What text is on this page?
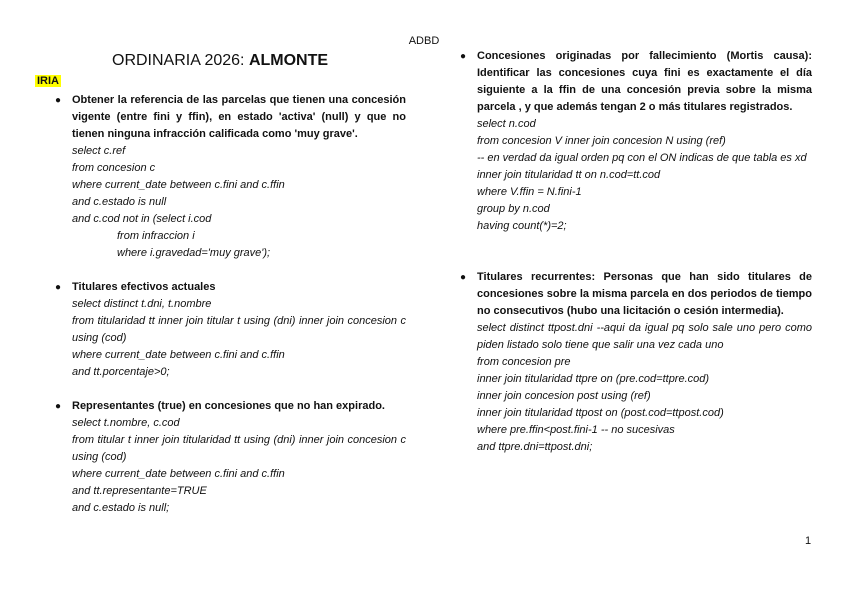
ADBD
ORDINARIA 2026: ALMONTE
IRIA
● Obtener la referencia de las parcelas que tienen una concesión vigente (entre fini y ffin), en estado 'activa' (null) y que no tienen ninguna infracción calificada como 'muy grave'.
select c.ref
from concesion c
where current_date between c.fini and c.ffin
and c.estado is null
and c.cod not in (select i.cod
from infraccion i
where i.gravedad='muy grave');
● Titulares efectivos actuales
select distinct t.dni, t.nombre
from titularidad tt inner join titular t using (dni) inner join concesion c using (cod)
where current_date between c.fini and c.ffin
and tt.porcentaje>0;
● Representantes (true) en concesiones que no han expirado.
select t.nombre, c.cod
from titular t inner join titularidad tt using (dni) inner join concesion c using (cod)
where current_date between c.fini and c.ffin
and tt.representante=TRUE
and c.estado is null;
● Concesiones originadas por fallecimiento (Mortis causa): Identificar las concesiones cuya fini es exactamente el día siguiente a la ffin de una concesión previa sobre la misma parcela , y que además tengan 2 o más titulares registrados.
select n.cod
from concesion V inner join concesion N using (ref)
-- en verdad da igual orden pq con el ON indicas de que tabla es xd
inner join titularidad tt on n.cod=tt.cod
where V.ffin = N.fini-1
group by n.cod
having count(*)=2;
● Titulares recurrentes: Personas que han sido titulares de concesiones sobre la misma parcela en dos periodos de tiempo no consecutivos (hubo una licitación o cesión intermedia).
select distinct ttpost.dni --aqui da igual pq solo sale uno pero como piden listado solo tiene que salir una vez cada uno
from concesion pre
inner join titularidad ttpre on (pre.cod=ttpre.cod)
inner join concesion post using (ref)
inner join titularidad ttpost on (post.cod=ttpost.cod)
where pre.ffin<post.fini-1 -- no sucesivas
and ttpre.dni=ttpost.dni;
1
